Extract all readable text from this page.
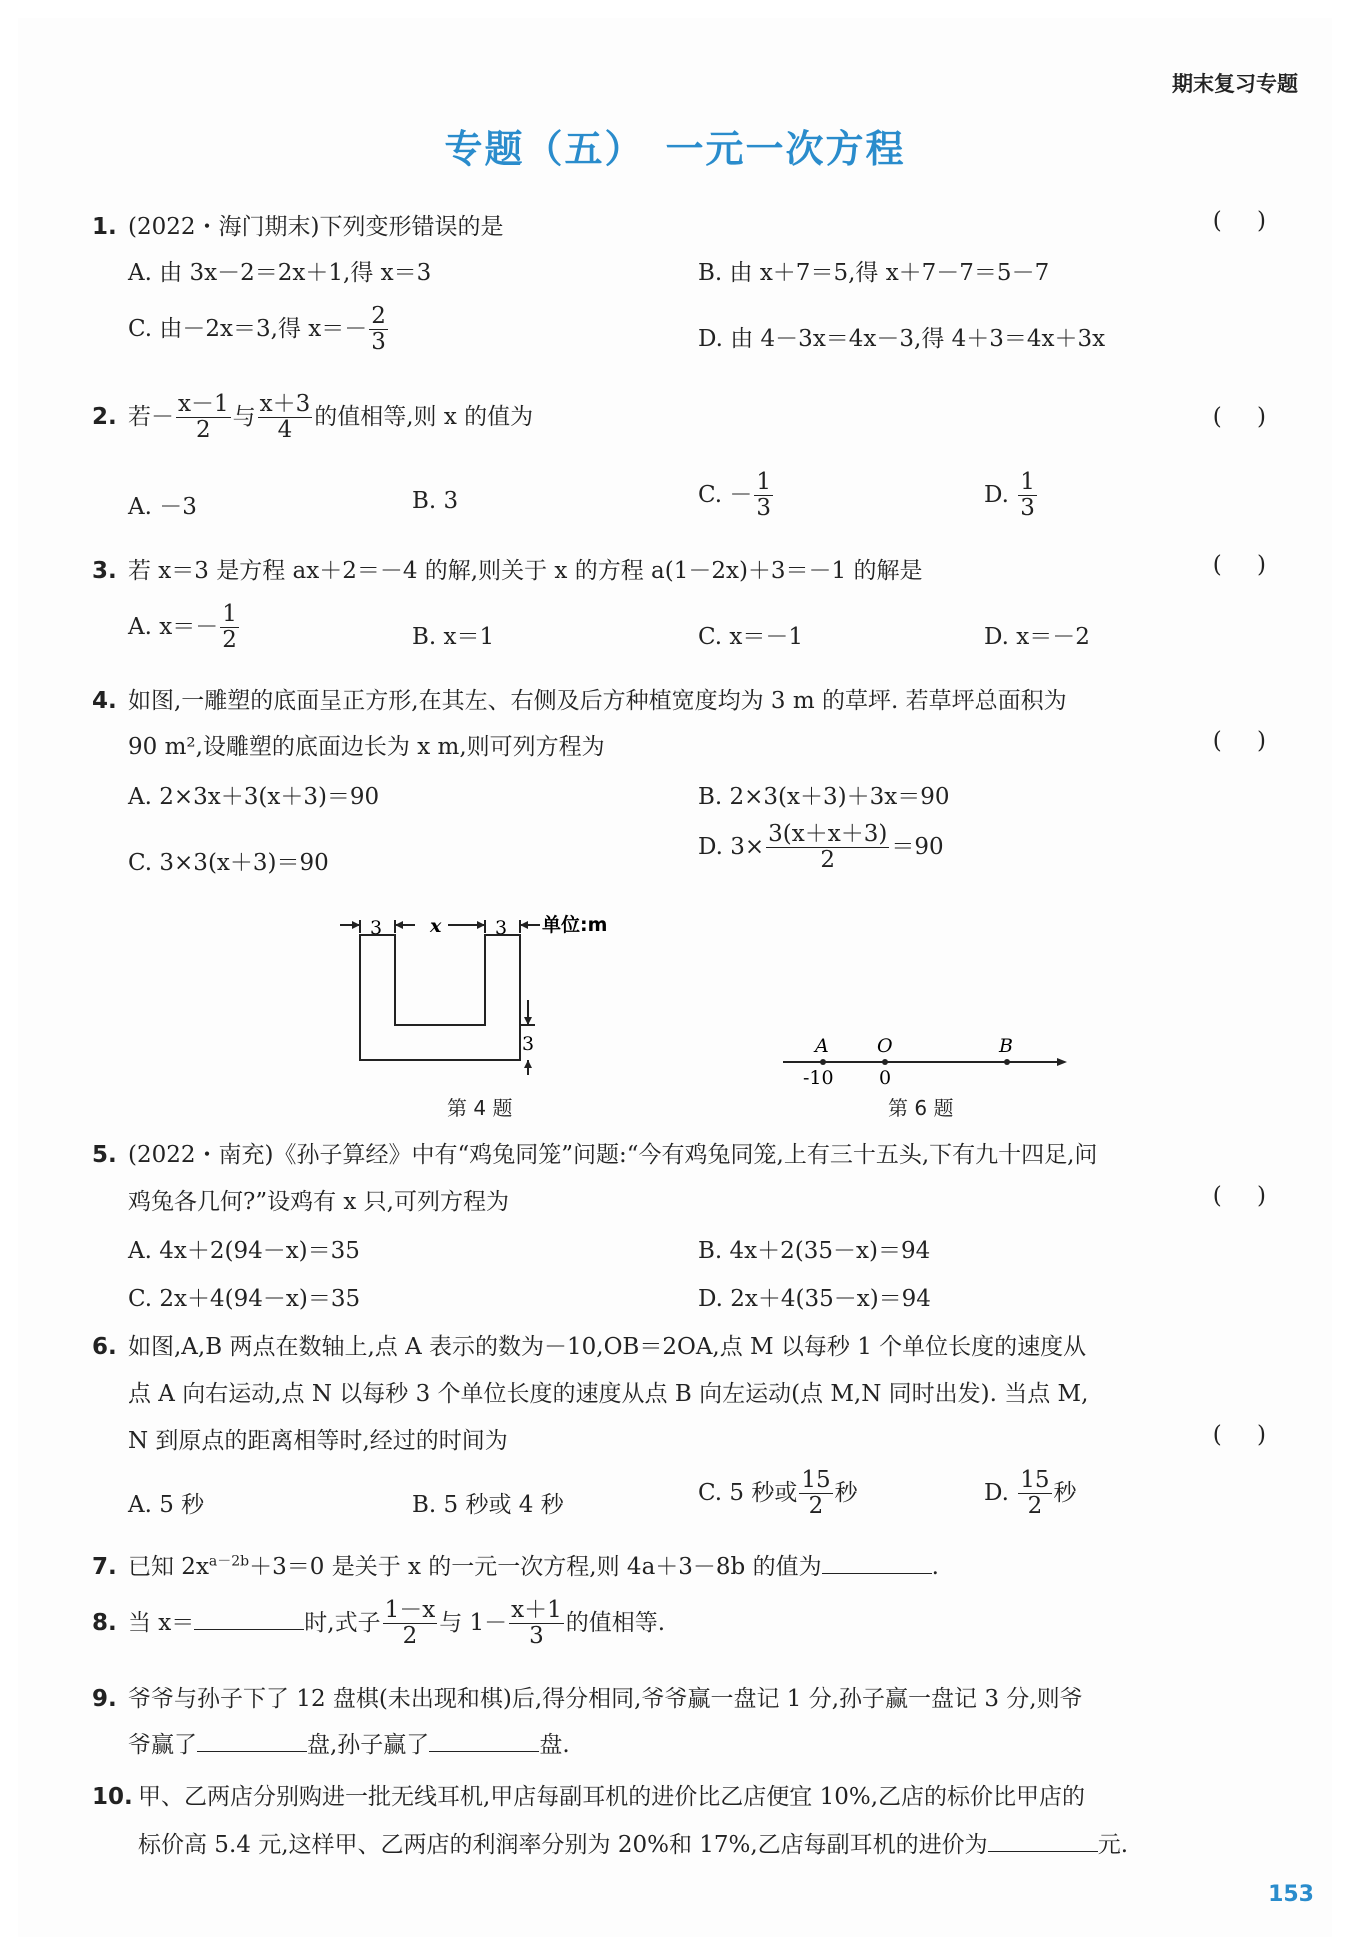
期末复习专题
专题（五）　一元一次方程
1. (2022・海门期末)下列变形错误的是	( )
A. 由 3x－2＝2x＋1,得 x＝3	B. 由 x＋7＝5,得 x＋7－7＝5－7
C. 由－2x＝3,得 $x=- \frac{2}{3}$	D. 由 4－3x＝4x－3,得 4＋3＝4x＋3x
2. 若－ $\frac{x-1}{2}$ 与 $\frac{x+3}{4}$ 的值相等,则 x 的值为	( )
A. －3	B. 3	C. － $\frac{1}{3}$	D. $\frac{1}{3}$
3. 若 x＝3 是方程 ax＋2＝－4 的解,则关于 x 的方程 a(1－2x)＋3＝－1 的解是	( )
A. $x=- \frac{1}{2}$	B. x＝1	C. x＝－1	D. x＝－2
4. 如图,一雕塑的底面呈正方形,在其左、右侧及后方种植宽度均为 3 m 的草坪. 若草坪总面积为
90 m²,设雕塑的底面边长为 x m,则可列方程为	( )
A. 2×3x＋3(x＋3)＝90	B. 2×3(x＋3)＋3x＝90
C. 3×3(x＋3)＝90
D. $3\times \frac{3(x+x+3)}{2} =90$
3	x	3
3
单位:m
第 4 题
A	O	B
-10 0
第 6 题
5. (2022・南充)《孙子算经》中有“鸡兔同笼”问题:“今有鸡兔同笼,上有三十五头,下有九十四足,问
鸡兔各几何?”设鸡有 x 只,可列方程为	( )
A. 4x＋2(94－x)＝35	B. 4x＋2(35－x)＝94
C. 2x＋4(94－x)＝35	D. 2x＋4(35－x)＝94
6. 如图,A,B 两点在数轴上,点 A 表示的数为－10,OB＝2OA,点 M 以每秒 1 个单位长度的速度从
点 A 向右运动,点 N 以每秒 3 个单位长度的速度从点 B 向左运动(点 M,N 同时出发). 当点 M,
N 到原点的距离相等时,经过的时间为	( )
A. 5 秒	B. 5 秒或 4 秒	C. 5 秒或 $\frac{15}{2}$ 秒	D. $\frac{15}{2}$ 秒
7. 已知 $2x^{a-2b}+3=0$ 是关于 x 的一元一次方程,则 4a＋3－8b 的值为	.
8. 当 x＝	时,式子 $\frac{1-x}{2}$ 与 $1- \frac{x+1}{3}$ 的值相等.
9. 爷爷与孙子下了 12 盘棋(未出现和棋)后,得分相同,爷爷赢一盘记 1 分,孙子赢一盘记 3 分,则爷
爷赢了	盘,孙子赢了	盘.
10. 甲、乙两店分别购进一批无线耳机,甲店每副耳机的进价比乙店便宜 10%,乙店的标价比甲店的
标价高 5.4 元,这样甲、乙两店的利润率分别为 20%和 17%,乙店每副耳机的进价为	元.
153
